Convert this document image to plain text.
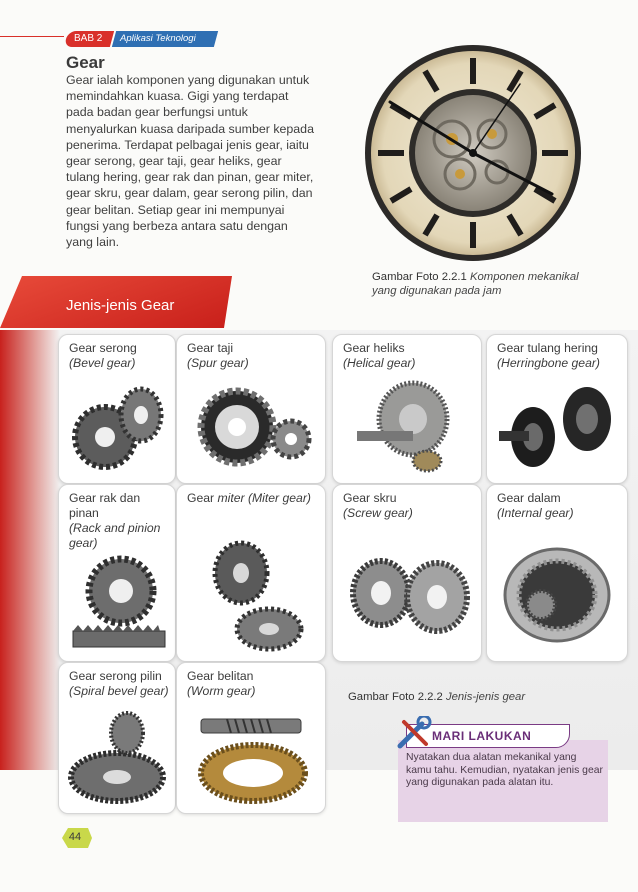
BAB 2	Aplikasi Teknologi
Gear

Gear ialah komponen yang digunakan untuk memindahkan kuasa. Gigi yang terdapat pada badan gear berfungsi untuk menyalurkan kuasa daripada sumber kepada penerima. Terdapat pelbagai jenis gear, iaitu gear serong, gear taji, gear heliks, gear tulang hering, gear rak dan pinan, gear miter, gear skru, gear dalam, gear serong pilin, dan gear belitan. Setiap gear ini mempunyai fungsi yang berbeza antara satu dengan yang lain.

Gambar Foto 2.2.1 Komponen mekanikal yang digunakan pada jam

Jenis-jenis Gear
Gear serong
(Bevel gear)
Gear taji
(Spur gear)
Gear heliks
(Helical gear)
Gear tulang hering
(Herringbone gear)
Gear rak dan pinan
(Rack and pinion gear)
Gear miter (Miter gear)	Gear skru
(Screw gear)
Gear dalam
(Internal gear)
Gear serong pilin
(Spiral bevel gear)
Gear belitan
(Worm gear)	Gambar Foto 2.2.2 Jenis-jenis gear

MARI LAKUKAN

Nyatakan dua alatan mekanikal yang kamu tahu. Kemudian, nyatakan jenis gear yang digunakan pada alatan itu.

44
